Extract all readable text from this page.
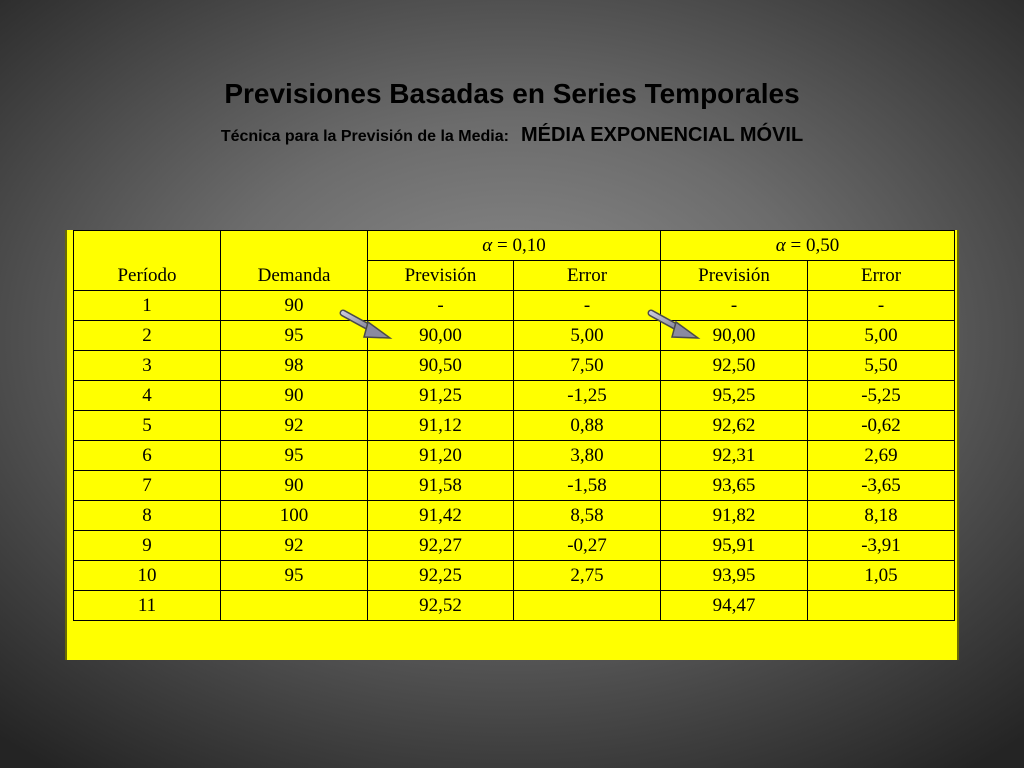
Previsiones Basadas en Series Temporales
Técnica para la Previsión de la Media: MÉDIA EXPONENCIAL MÓVIL
Período	Demanda	α = 0,10		α = 0,50	
		Previsión	Error	Previsión	Error
1	90	-	-	-	-
2	95	90,00	5,00	90,00	5,00
3	98	90,50	7,50	92,50	5,50
4	90	91,25	-1,25	95,25	-5,25
5	92	91,12	0,88	92,62	-0,62
6	95	91,20	3,80	92,31	2,69
7	90	91,58	-1,58	93,65	-3,65
8	100	91,42	8,58	91,82	8,18
9	92	92,27	-0,27	95,91	-3,91
10	95	92,25	2,75	93,95	1,05
11		92,52		94,47	
